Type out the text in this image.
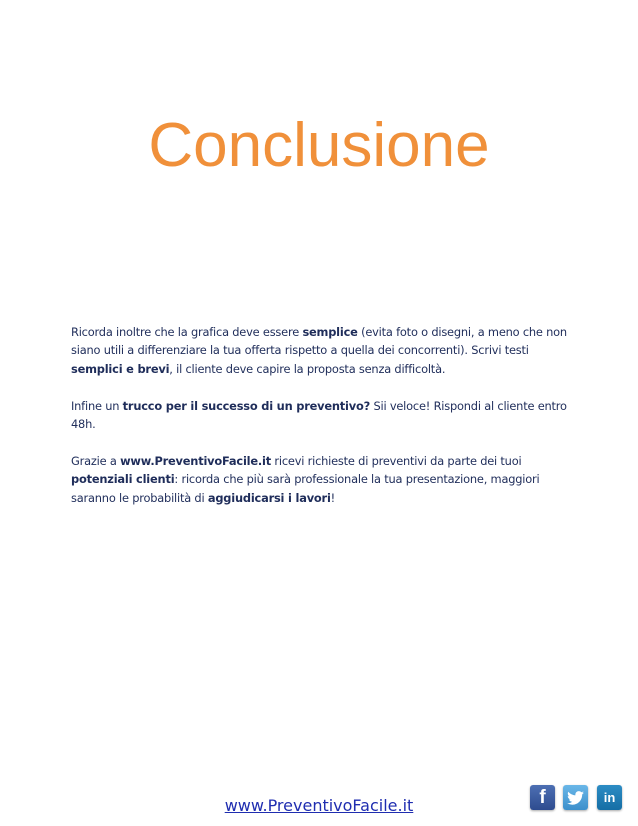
Conclusione

Ricorda inoltre che la grafica deve essere semplice (evita foto o disegni, a meno che non siano utili a differenziare la tua offerta rispetto a quella dei concorrenti). Scrivi testi semplici e brevi, il cliente deve capire la proposta senza difficoltà.

Infine un trucco per il successo di un preventivo? Sii veloce! Rispondi al cliente entro 48h.

Grazie a www.PreventivoFacile.it ricevi richieste di preventivi da parte dei tuoi potenziali clienti: ricorda che più sarà professionale la tua presentazione, maggiori saranno le probabilità di aggiudicarsi i lavori!

www.PreventivoFacile.it	f	in
